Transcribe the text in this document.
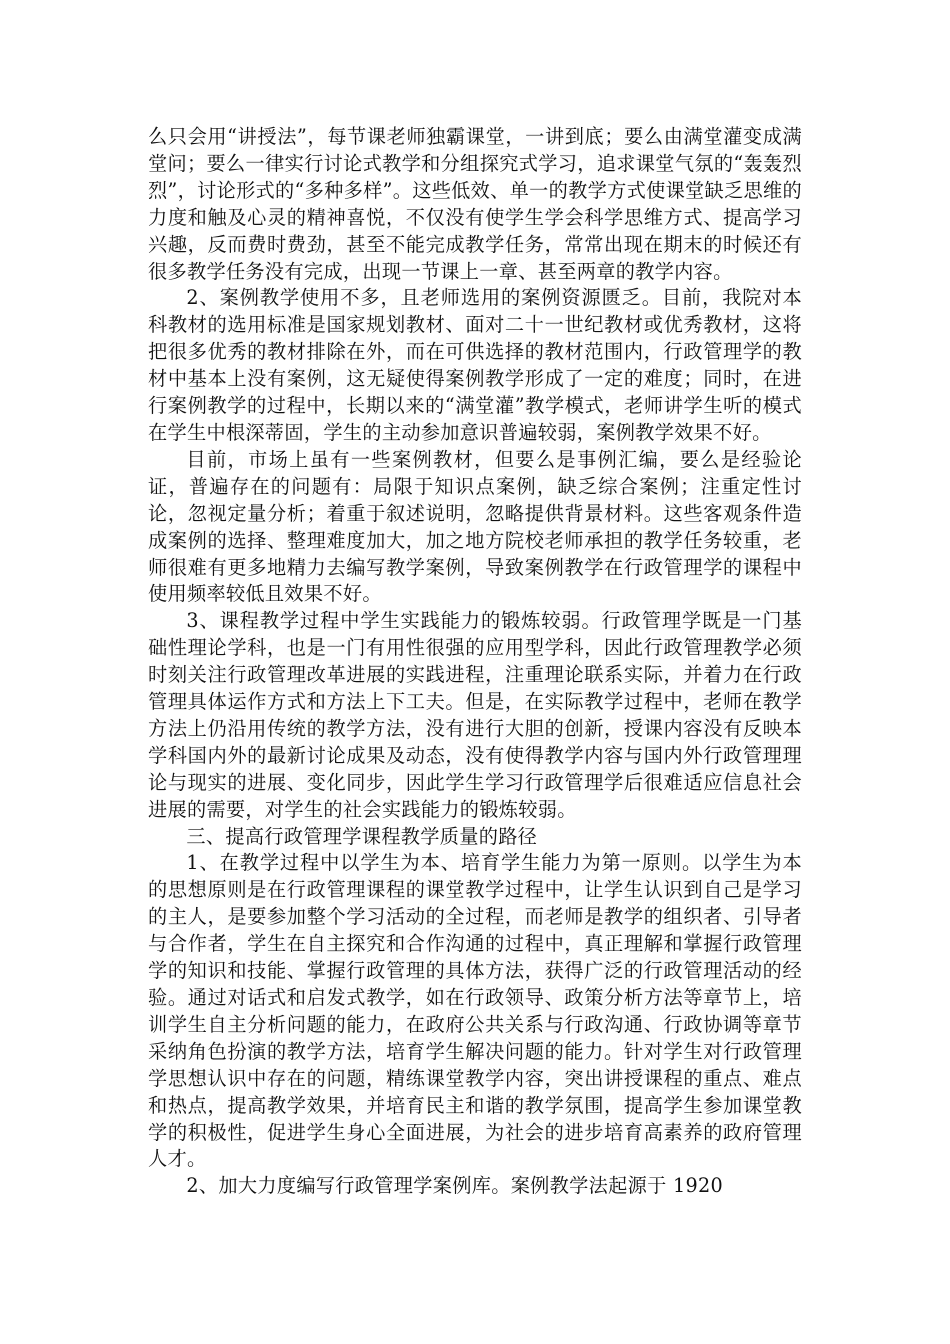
么只会用“讲授法”，每节课老师独霸课堂，一讲到底；要么由满堂灌变成满堂问；要么一律实行讨论式教学和分组探究式学习，追求课堂气氛的“轰轰烈烈”，讨论形式的“多种多样”。这些低效、单一的教学方式使课堂缺乏思维的力度和触及心灵的精神喜悦，不仅没有使学生学会科学思维方式、提高学习兴趣，反而费时费劲，甚至不能完成教学任务，常常出现在期末的时候还有很多教学任务没有完成，出现一节课上一章、甚至两章的教学内容。

2、案例教学使用不多，且老师选用的案例资源匮乏。目前，我院对本科教材的选用标准是国家规划教材、面对二十一世纪教材或优秀教材，这将把很多优秀的教材排除在外，而在可供选择的教材范围内，行政管理学的教材中基本上没有案例，这无疑使得案例教学形成了一定的难度；同时，在进行案例教学的过程中，长期以来的“满堂灌”教学模式，老师讲学生听的模式在学生中根深蒂固，学生的主动参加意识普遍较弱，案例教学效果不好。

目前，市场上虽有一些案例教材，但要么是事例汇编，要么是经验论证，普遍存在的问题有：局限于知识点案例，缺乏综合案例；注重定性讨论，忽视定量分析；着重于叙述说明，忽略提供背景材料。这些客观条件造成案例的选择、整理难度加大，加之地方院校老师承担的教学任务较重，老师很难有更多地精力去编写教学案例，导致案例教学在行政管理学的课程中使用频率较低且效果不好。

3、课程教学过程中学生实践能力的锻炼较弱。行政管理学既是一门基础性理论学科，也是一门有用性很强的应用型学科，因此行政管理教学必须时刻关注行政管理改革进展的实践进程，注重理论联系实际，并着力在行政管理具体运作方式和方法上下工夫。但是，在实际教学过程中，老师在教学方法上仍沿用传统的教学方法，没有进行大胆的创新，授课内容没有反映本学科国内外的最新讨论成果及动态，没有使得教学内容与国内外行政管理理论与现实的进展、变化同步，因此学生学习行政管理学后很难适应信息社会进展的需要，对学生的社会实践能力的锻炼较弱。

三、提高行政管理学课程教学质量的路径

1、在教学过程中以学生为本、培育学生能力为第一原则。以学生为本的思想原则是在行政管理课程的课堂教学过程中，让学生认识到自己是学习的主人，是要参加整个学习活动的全过程，而老师是教学的组织者、引导者与合作者，学生在自主探究和合作沟通的过程中，真正理解和掌握行政管理学的知识和技能、掌握行政管理的具体方法，获得广泛的行政管理活动的经验。通过对话式和启发式教学，如在行政领导、政策分析方法等章节上，培训学生自主分析问题的能力，在政府公共关系与行政沟通、行政协调等章节采纳角色扮演的教学方法，培育学生解决问题的能力。针对学生对行政管理学思想认识中存在的问题，精练课堂教学内容，突出讲授课程的重点、难点和热点，提高教学效果，并培育民主和谐的教学氛围，提高学生参加课堂教学的积极性，促进学生身心全面进展，为社会的进步培育高素养的政府管理人才。

2、加大力度编写行政管理学案例库。案例教学法起源于 1920
